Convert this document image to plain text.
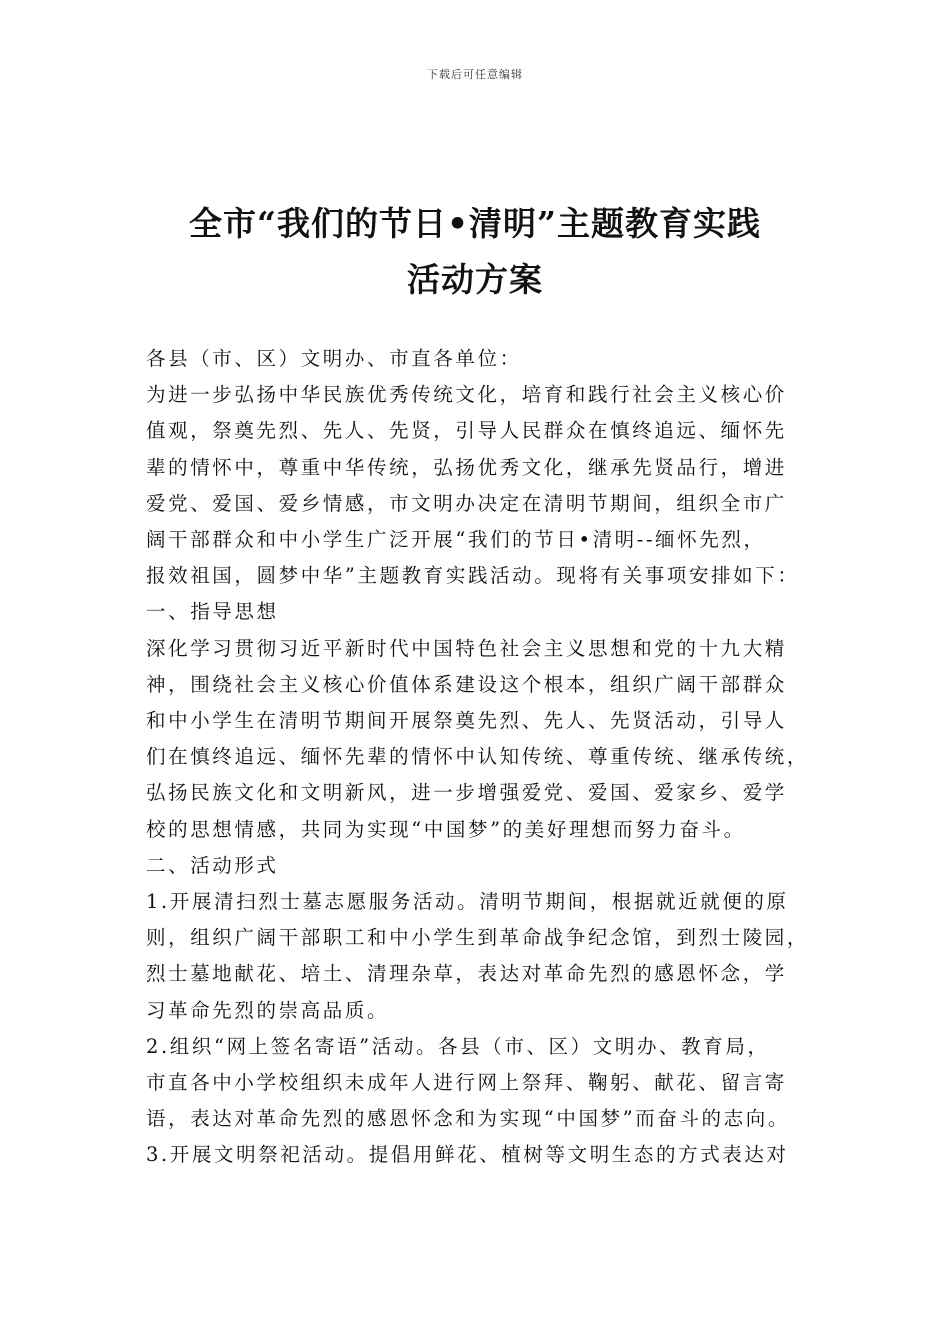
下载后可任意编辑
全市“我们的节日•清明”主题教育实践
活动方案
各县（市、区）文明办、市直各单位：
为进一步弘扬中华民族优秀传统文化，培育和践行社会主义核心价
值观，祭奠先烈、先人、先贤，引导人民群众在慎终追远、缅怀先
辈的情怀中，尊重中华传统，弘扬优秀文化，继承先贤品行，增进
爱党、爱国、爱乡情感，市文明办决定在清明节期间，组织全市广
阔干部群众和中小学生广泛开展“我们的节日•清明--缅怀先烈，
报效祖国，圆梦中华”主题教育实践活动。现将有关事项安排如下：
一、指导思想
深化学习贯彻习近平新时代中国特色社会主义思想和党的十九大精
神，围绕社会主义核心价值体系建设这个根本，组织广阔干部群众
和中小学生在清明节期间开展祭奠先烈、先人、先贤活动，引导人
们在慎终追远、缅怀先辈的情怀中认知传统、尊重传统、继承传统，
弘扬民族文化和文明新风，进一步增强爱党、爱国、爱家乡、爱学
校的思想情感，共同为实现“中国梦”的美好理想而努力奋斗。
二、活动形式
1.开展清扫烈士墓志愿服务活动。清明节期间，根据就近就便的原
则，组织广阔干部职工和中小学生到革命战争纪念馆，到烈士陵园，
烈士墓地献花、培土、清理杂草，表达对革命先烈的感恩怀念，学
习革命先烈的崇高品质。
2.组织“网上签名寄语”活动。各县（市、区）文明办、教育局，
市直各中小学校组织未成年人进行网上祭拜、鞠躬、献花、留言寄
语，表达对革命先烈的感恩怀念和为实现“中国梦”而奋斗的志向。
3.开展文明祭祀活动。提倡用鲜花、植树等文明生态的方式表达对
